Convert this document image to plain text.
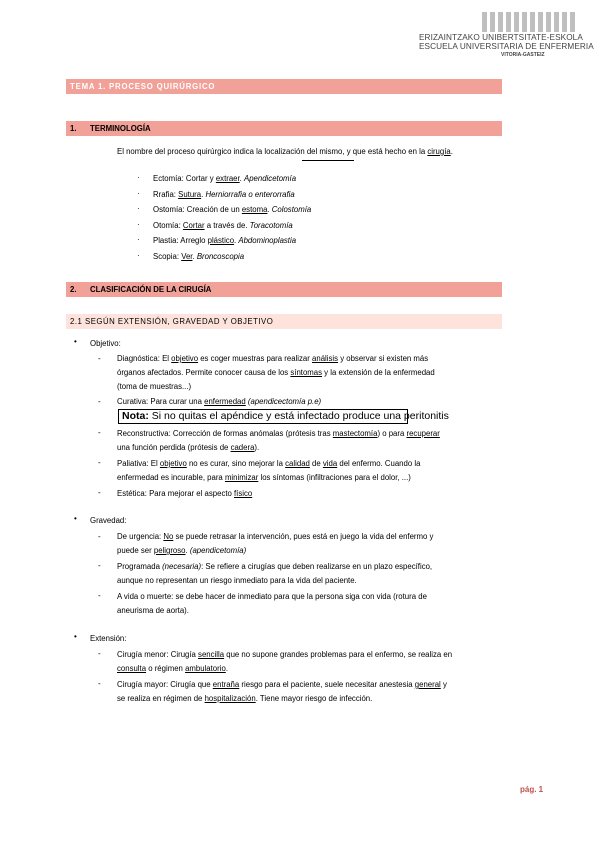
ERIZAINTZAKO UNIBERTSITATE-ESKOLA
ESCUELA UNIVERSITARIA DE ENFERMERIA
VITORIA-GASTEIZ
TEMA 1. PROCESO QUIRÚRGICO
1. TERMINOLOGÍA
El nombre del proceso quirúrgico indica la localización del mismo, y que está hecho en la cirugía.
· Ectomía: Cortar y extraer. Apendicetomía
· Rrafia: Sutura. Herniorrafia o enterorrafia
· Ostomía: Creación de un estoma. Colostomía
· Otomía: Cortar a través de. Toracotomía
· Plastia: Arreglo plástico. Abdominoplastia
· Scopia: Ver. Broncoscopia
2. CLASIFICACIÓN DE LA CIRUGÍA
2.1 SEGÚN EXTENSIÓN, GRAVEDAD Y OBJETIVO
• Objetivo:
- Diagnóstica: El objetivo es coger muestras para realizar análisis y observar si existen más
órganos afectados. Permite conocer causa de los síntomas y la extensión de la enfermedad
(toma de muestras...)
- Curativa: Para curar una enfermedad (apendicectomía p.e)
Nota: Si no quitas el apéndice y está infectado produce una peritonitis
- Reconstructiva: Corrección de formas anómalas (prótesis tras mastectomía) o para recuperar
una función perdida (prótesis de cadera).
- Paliativa: El objetivo no es curar, sino mejorar la calidad de vida del enfermo. Cuando la
enfermedad es incurable, para minimizar los síntomas (infiltraciones para el dolor, ...)
- Estética: Para mejorar el aspecto físico
• Gravedad:
- De urgencia: No se puede retrasar la intervención, pues está en juego la vida del enfermo y
puede ser peligroso. (apendicetomía)
- Programada (necesaria): Se refiere a cirugías que deben realizarse en un plazo específico,
aunque no representan un riesgo inmediato para la vida del paciente.
- A vida o muerte: se debe hacer de inmediato para que la persona siga con vida (rotura de
aneurisma de aorta).
• Extensión:
- Cirugía menor: Cirugía sencilla que no supone grandes problemas para el enfermo, se realiza en
consulta o régimen ambulatorio.
- Cirugía mayor: Cirugía que entraña riesgo para el paciente, suele necesitar anestesia general y
se realiza en régimen de hospitalización. Tiene mayor riesgo de infección.
pág. 1
